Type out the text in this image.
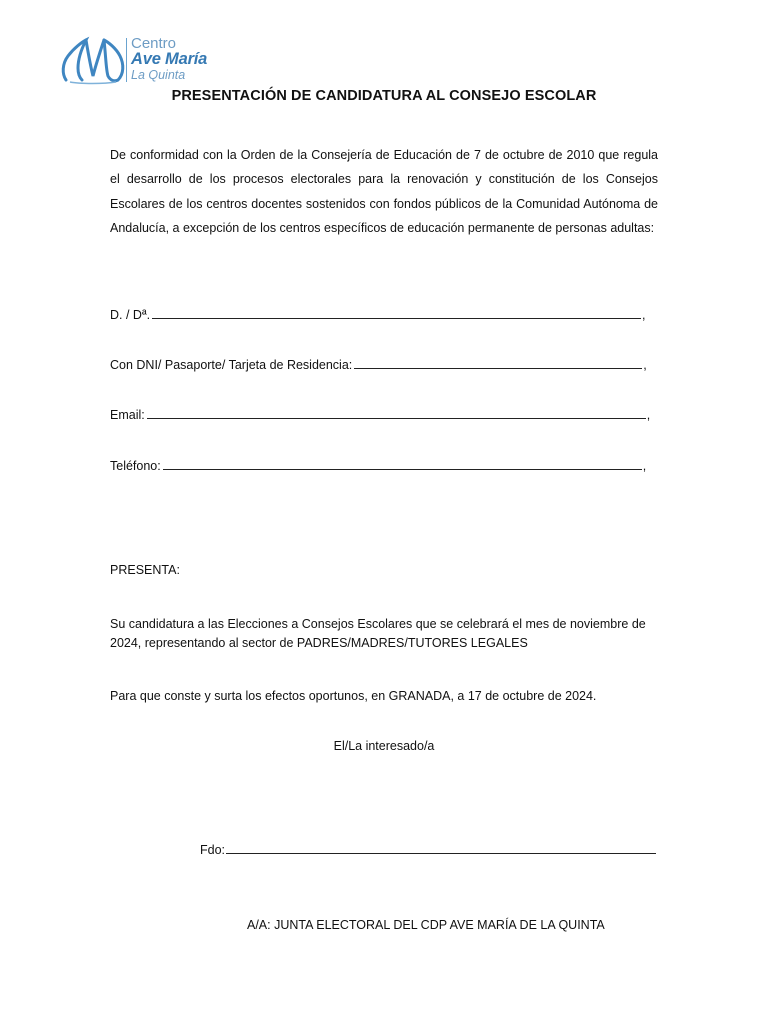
Centro
Ave María
La Quinta
PRESENTACIÓN DE CANDIDATURA AL CONSEJO ESCOLAR
De conformidad con la Orden de la Consejería de Educación de 7 de octubre de 2010 que regula el desarrollo de los procesos electorales para la renovación y constitución de los Consejos Escolares de los centros docentes sostenidos con fondos públicos de la Comunidad Autónoma de Andalucía, a excepción de los centros específicos de educación permanente de personas adultas:
D. / Dª.	,
Con DNI/ Pasaporte/ Tarjeta de Residencia:	,
Email:	,
Teléfono:	,
PRESENTA:
Su candidatura a las Elecciones a Consejos Escolares que se celebrará el mes de noviembre de 2024, representando al sector de PADRES/MADRES/TUTORES LEGALES
Para que conste y surta los efectos oportunos, en GRANADA, a 17 de octubre de 2024.
El/La interesado/a
Fdo:
A/A: JUNTA ELECTORAL DEL CDP AVE MARÍA DE LA QUINTA
